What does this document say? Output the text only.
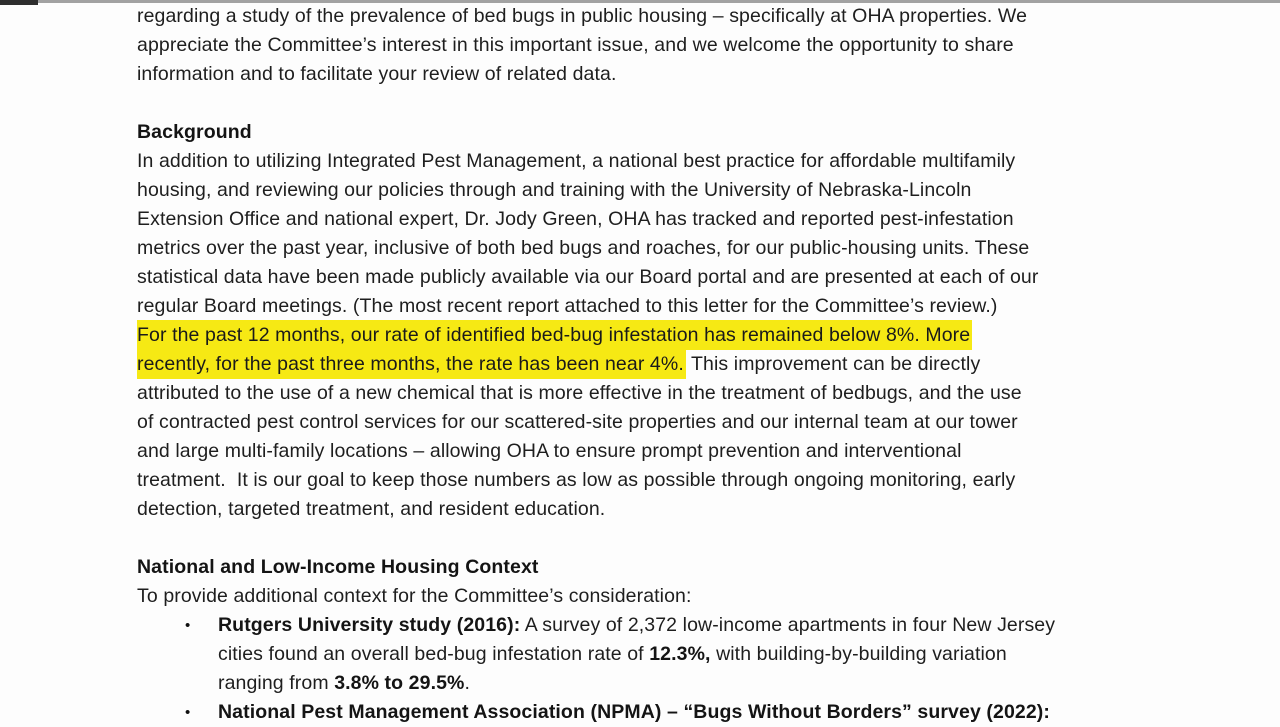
regarding a study of the prevalence of bed bugs in public housing – specifically at OHA properties. We
appreciate the Committee’s interest in this important issue, and we welcome the opportunity to share
information and to facilitate your review of related data.

Background

In addition to utilizing Integrated Pest Management, a national best practice for affordable multifamily
housing, and reviewing our policies through and training with the University of Nebraska-Lincoln
Extension Office and national expert, Dr. Jody Green, OHA has tracked and reported pest-infestation
metrics over the past year, inclusive of both bed bugs and roaches, for our public-housing units. These
statistical data have been made publicly available via our Board portal and are presented at each of our
regular Board meetings. (The most recent report attached to this letter for the Committee’s review.)
For the past 12 months, our rate of identified bed-bug infestation has remained below 8%. More
recently, for the past three months, the rate has been near 4%. This improvement can be directly
attributed to the use of a new chemical that is more effective in the treatment of bedbugs, and the use
of contracted pest control services for our scattered-site properties and our internal team at our tower
and large multi-family locations – allowing OHA to ensure prompt prevention and interventional
treatment.  It is our goal to keep those numbers as low as possible through ongoing monitoring, early
detection, targeted treatment, and resident education.

National and Low-Income Housing Context

To provide additional context for the Committee’s consideration:

•	Rutgers University study (2016): A survey of 2,372 low-income apartments in four New Jersey
cities found an overall bed-bug infestation rate of 12.3%, with building-by-building variation
ranging from 3.8% to 29.5%.
•	National Pest Management Association (NPMA) – “Bugs Without Borders” survey (2022):
